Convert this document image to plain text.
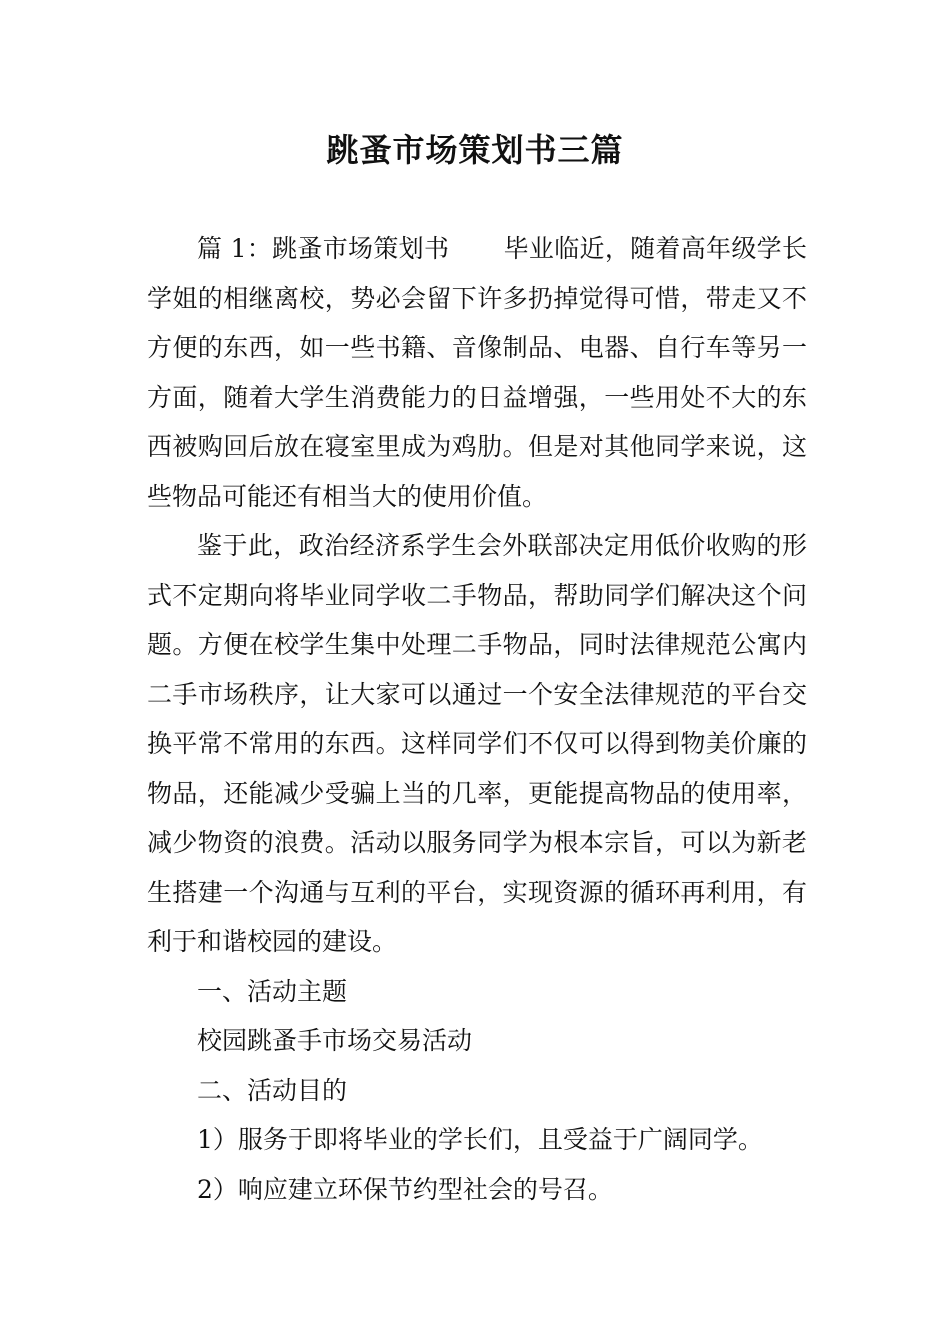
跳蚤市场策划书三篇

篇 1：跳蚤市场策划书 毕业临近，随着高年级学长学姐的相继离校，势必会留下许多扔掉觉得可惜，带走又不方便的东西，如一些书籍、音像制品、电器、自行车等另一方面，随着大学生消费能力的日益增强，一些用处不大的东西被购回后放在寝室里成为鸡肋。但是对其他同学来说，这些物品可能还有相当大的使用价值。

鉴于此，政治经济系学生会外联部决定用低价收购的形式不定期向将毕业同学收二手物品，帮助同学们解决这个问题。方便在校学生集中处理二手物品，同时法律规范公寓内二手市场秩序，让大家可以通过一个安全法律规范的平台交换平常不常用的东西。这样同学们不仅可以得到物美价廉的物品，还能减少受骗上当的几率，更能提高物品的使用率，减少物资的浪费。活动以服务同学为根本宗旨，可以为新老生搭建一个沟通与互利的平台，实现资源的循环再利用，有利于和谐校园的建设。

一、活动主题

校园跳蚤手市场交易活动

二、活动目的

1）服务于即将毕业的学长们，且受益于广阔同学。

2）响应建立环保节约型社会的号召。
